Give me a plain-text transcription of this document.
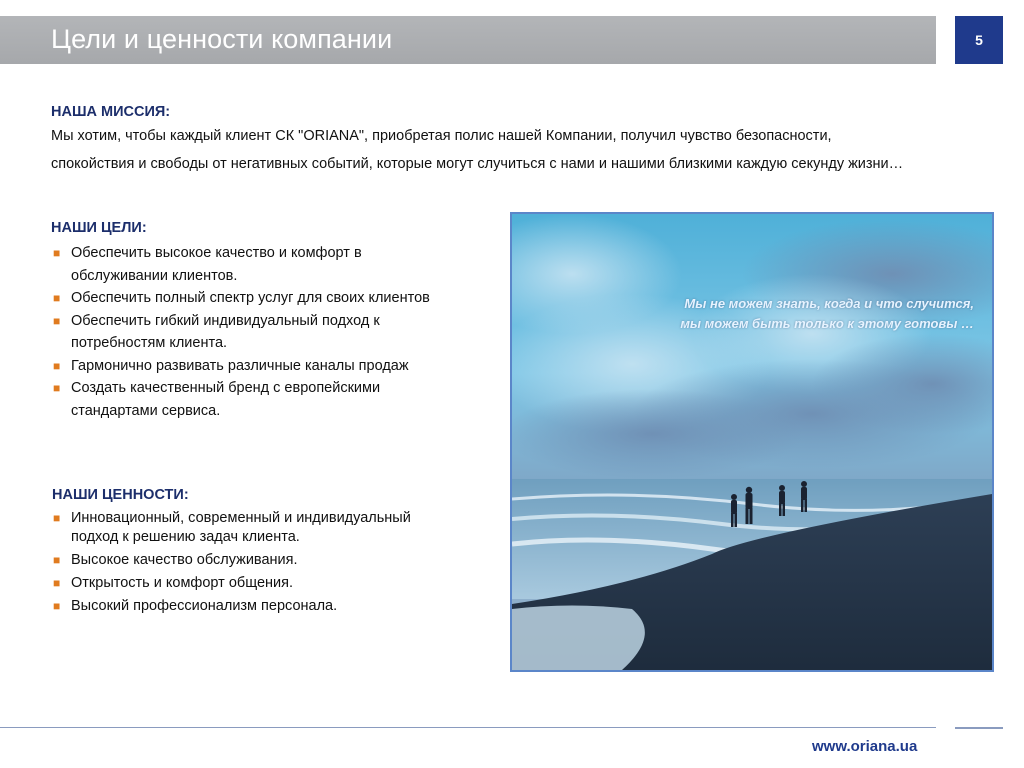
Цели и ценности компании	5
НАША МИССИЯ:
Мы хотим, чтобы каждый клиент СК "ORIANA", приобретая полис нашей Компании, получил чувство безопасности,
спокойствия и свободы от негативных событий, которые могут случиться с нами и нашими близкими каждую секунду жизни…
НАШИ ЦЕЛИ:
■ Обеспечить высокое качество и комфорт в
обслуживании клиентов.
■ Обеспечить полный спектр услуг для своих клиентов
■ Обеспечить гибкий индивидуальный подход к
потребностям клиента.
■ Гармонично развивать различные каналы продаж
■ Создать качественный бренд с европейскими
стандартами сервиса.
НАШИ ЦЕННОСТИ:
■ Инновационный, современный и индивидуальный
подход к решению задач клиента.
■ Высокое качество обслуживания.
■ Открытость и комфорт общения.
■ Высокий профессионализм персонала.
Мы не можем знать, когда и что случится,
мы можем быть только к этому готовы …
www.oriana.ua
